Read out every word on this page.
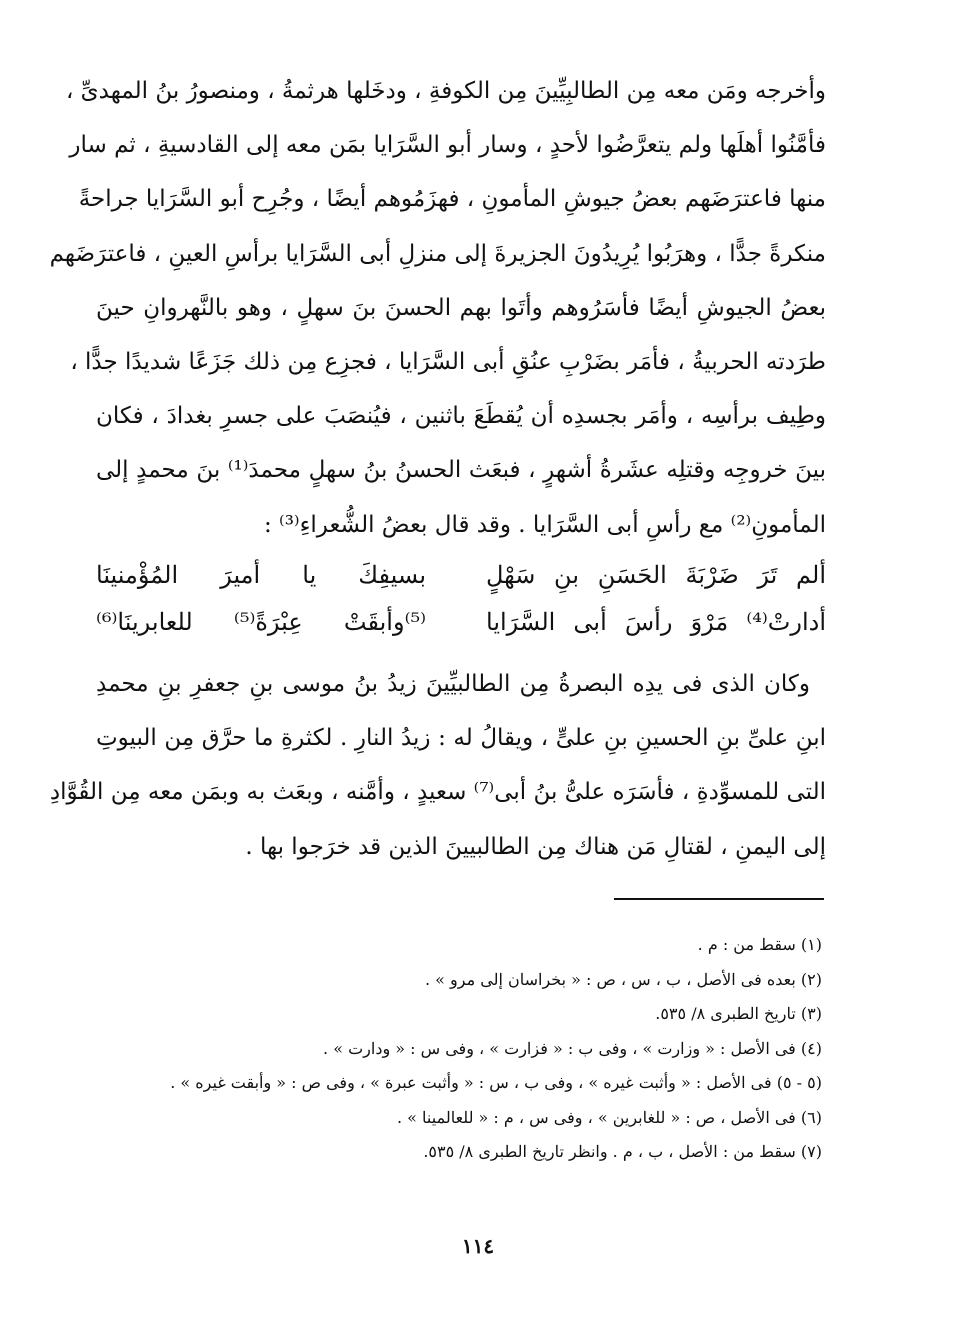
وأخرجه ومَن معه مِن الطالبِيِّينَ مِن الكوفةِ ، ودخَلها هرثمةُ ، ومنصورُ بنُ المهدىِّ ،
فأمَّنُوا أهلَها ولم يتعرَّضُوا لأحدٍ ، وسار أبو السَّرَايا بمَن معه إلى القادسيةِ ، ثم سار
منها فاعترَضَهم بعضُ جيوشِ المأمونِ ، فهزَمُوهم أيضًا ، وجُرِح أبو السَّرَايا جراحةً
منكرةً جدًّا ، وهرَبُوا يُرِيدُونَ الجزيرةَ إلى منزلِ أبى السَّرَايا برأسِ العينِ ، فاعترَضَهم
بعضُ الجيوشِ أيضًا فأسَرُوهم وأتَوا بهم الحسنَ بنَ سهلٍ ، وهو بالنَّهروانِ حينَ
طرَدته الحربيةُ ، فأمَر بضَرْبِ عنُقِ أبى السَّرَايا ، فجزِع مِن ذلك جَزَعًا شديدًا جدًّا ،
وطِيف برأسِه ، وأمَر بجسدِه أن يُقطَعَ باثنين ، فيُنصَبَ على جسرِ بغدادَ ، فكان
بينَ خروجِه وقتلِه عشَرةُ أشهرٍ ، فبعَث الحسنُ بنُ سهلٍ محمدَ⁽¹⁾ بنَ محمدٍ إلى
المأمونِ⁽²⁾ مع رأسِ أبى السَّرَايا . وقد قال بعضُ الشُّعراءِ⁽³⁾ :
ألم تَرَ ضَرْبَةَ الحَسَنِ بنِ سَهْلٍ
بسيفِكَ يا أميرَ المُؤْمنينَا
أدارتْ⁽⁴⁾ مَرْوَ رأسَ أبى السَّرَايا
⁽⁵⁾وأبقَتْ عِبْرَةً⁽⁵⁾ للعابرينَا⁽⁶⁾
وكان الذى فى يدِه البصرةُ مِن الطالبيِّينَ زيدُ بنُ موسى بنِ جعفرِ بنِ محمدِ
ابنِ علىِّ بنِ الحسينِ بنِ علىٍّ ، ويقالُ له : زيدُ النارِ . لكثرةِ ما حرَّق مِن البيوتِ
التى للمسوِّدةِ ، فأسَرَه علىُّ بنُ أبى⁽⁷⁾ سعيدٍ ، وأمَّنه ، وبعَث به وبمَن معه مِن القُوَّادِ
إلى اليمنِ ، لقتالِ مَن هناك مِن الطالبيينَ الذين قد خرَجوا بها .
(١) سقط من : م .
(٢) بعده فى الأصل ، ب ، س ، ص : « بخراسان إلى مرو » .
(٣) تاريخ الطبرى ٨/ ٥٣٥.
(٤) فى الأصل : « وزارت » ، وفى ب : « فزارت » ، وفى س : « ودارت » .
(٥ - ٥) فى الأصل : « وأثبت غيره » ، وفى ب ، س : « وأثبت عبرة » ، وفى ص : « وأبقت غيره » .
(٦) فى الأصل ، ص : « للغابرين » ، وفى س ، م : « للعالمينا » .
(٧) سقط من : الأصل ، ب ، م . وانظر تاريخ الطبرى ٨/ ٥٣٥.
١١٤
